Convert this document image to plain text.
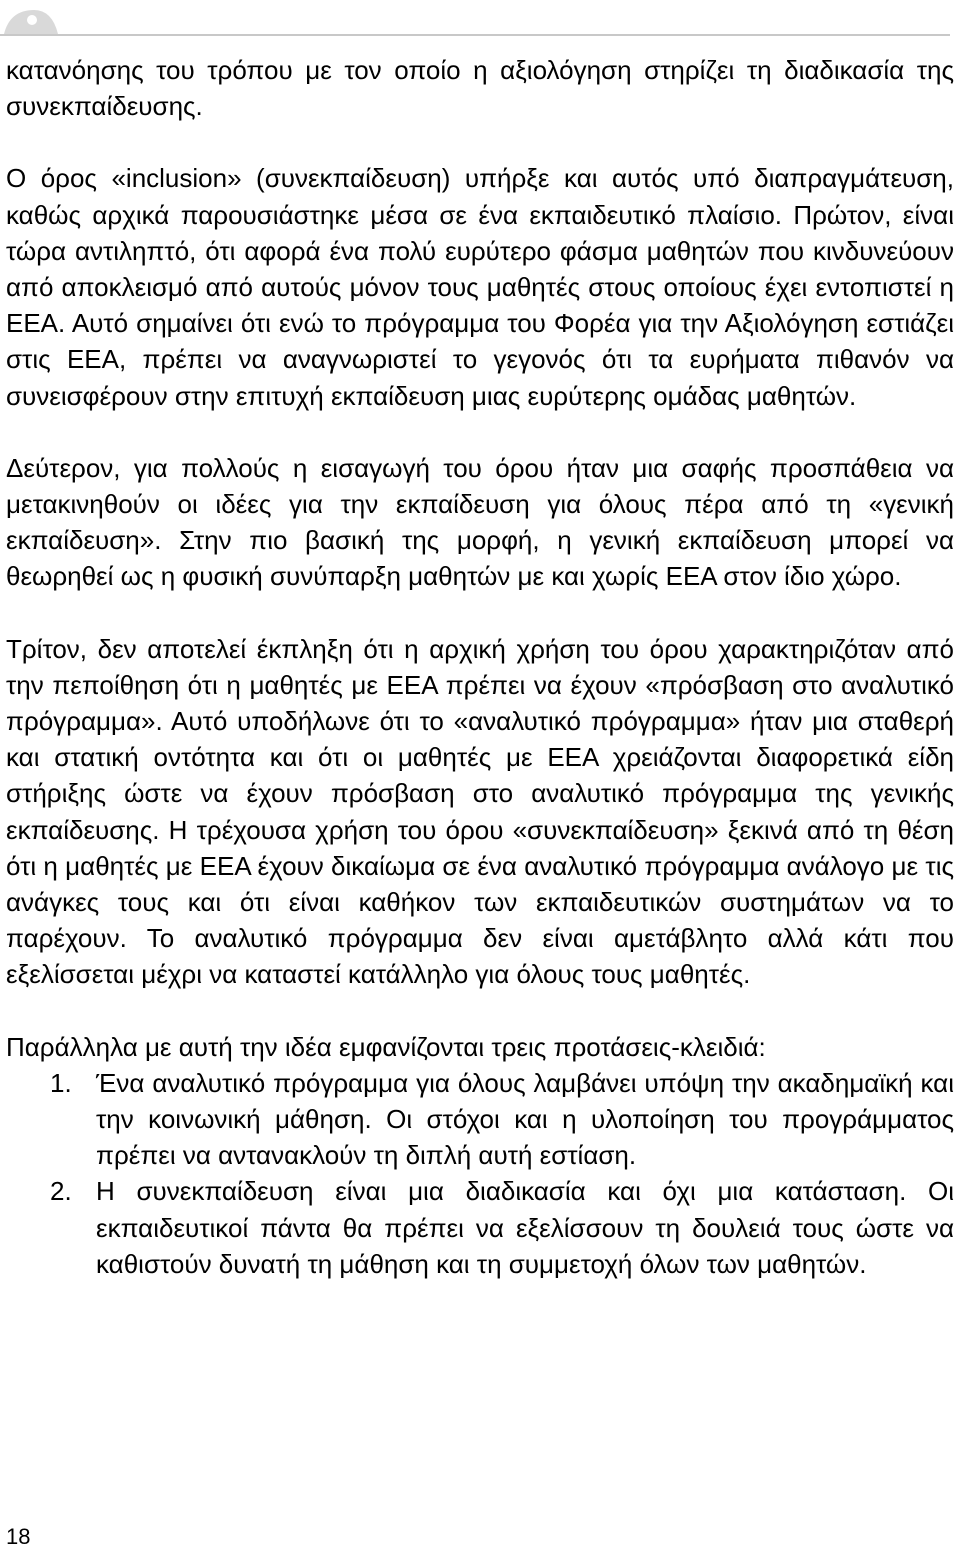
κατανόησης του τρόπου με τον οποίο η αξιολόγηση στηρίζει τη διαδικασία της συνεκπαίδευσης.

Ο όρος «inclusion» (συνεκπαίδευση) υπήρξε και αυτός υπό διαπραγμάτευση, καθώς αρχικά παρουσιάστηκε μέσα σε ένα εκπαιδευτικό πλαίσιο. Πρώτον, είναι τώρα αντιληπτό, ότι αφορά ένα πολύ ευρύτερο φάσμα μαθητών που κινδυνεύουν από αποκλεισμό από αυτούς μόνον τους μαθητές στους οποίους έχει εντοπιστεί η ΕΕΑ. Αυτό σημαίνει ότι ενώ το πρόγραμμα του Φορέα για την Αξιολόγηση εστιάζει στις ΕΕΑ, πρέπει να αναγνωριστεί το γεγονός ότι τα ευρήματα πιθανόν να συνεισφέρουν στην επιτυχή εκπαίδευση μιας ευρύτερης ομάδας μαθητών.

Δεύτερον, για πολλούς η εισαγωγή του όρου ήταν μια σαφής προσπάθεια να μετακινηθούν οι ιδέες για την εκπαίδευση για όλους πέρα από τη «γενική εκπαίδευση». Στην πιο βασική της μορφή, η γενική εκπαίδευση μπορεί να θεωρηθεί ως η φυσική συνύπαρξη μαθητών με και χωρίς ΕΕΑ στον ίδιο χώρο.

Τρίτον, δεν αποτελεί έκπληξη ότι η αρχική χρήση του όρου χαρακτηριζόταν από την πεποίθηση ότι η μαθητές με ΕΕΑ πρέπει να έχουν «πρόσβαση στο αναλυτικό πρόγραμμα». Αυτό υποδήλωνε ότι το «αναλυτικό πρόγραμμα» ήταν μια σταθερή και στατική οντότητα και ότι οι μαθητές με ΕΕΑ χρειάζονται διαφορετικά είδη στήριξης ώστε να έχουν πρόσβαση στο αναλυτικό πρόγραμμα της γενικής εκπαίδευσης. Η τρέχουσα χρήση του όρου «συνεκπαίδευση» ξεκινά από τη θέση ότι η μαθητές με ΕΕΑ έχουν δικαίωμα σε ένα αναλυτικό πρόγραμμα ανάλογο με τις ανάγκες τους και ότι είναι καθήκον των εκπαιδευτικών συστημάτων να το παρέχουν. Το αναλυτικό πρόγραμμα δεν είναι αμετάβλητο αλλά κάτι που εξελίσσεται μέχρι να καταστεί κατάλληλο για όλους τους μαθητές.

Παράλληλα με αυτή την ιδέα εμφανίζονται τρεις προτάσεις-κλειδιά:

1. Ένα αναλυτικό πρόγραμμα για όλους λαμβάνει υπόψη την ακαδημαϊκή και την κοινωνική μάθηση. Οι στόχοι και η υλοποίηση του προγράμματος πρέπει να αντανακλούν τη διπλή αυτή εστίαση.
2. Η συνεκπαίδευση είναι μια διαδικασία και όχι μια κατάσταση. Οι εκπαιδευτικοί πάντα θα πρέπει να εξελίσσουν τη δουλειά τους ώστε να καθιστούν δυνατή τη μάθηση και τη συμμετοχή όλων των μαθητών.
18
